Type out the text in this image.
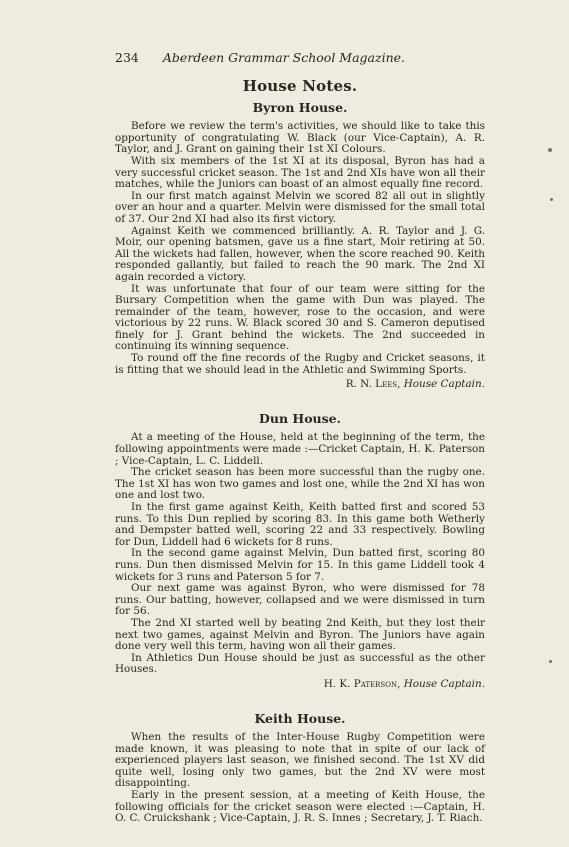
234 Aberdeen Grammar School Magazine.
House Notes.
Byron House.

Before we review the term's activities, we should like to take this opportunity of congratulating W. Black (our Vice-Captain), A. R. Taylor, and J. Grant on gaining their 1st XI Colours.

With six members of the 1st XI at its disposal, Byron has had a very successful cricket season. The 1st and 2nd XIs have won all their matches, while the Juniors can boast of an almost equally fine record.

In our first match against Melvin we scored 82 all out in slightly over an hour and a quarter. Melvin were dismissed for the small total of 37. Our 2nd XI had also its first victory.

Against Keith we commenced brilliantly. A. R. Taylor and J. G. Moir, our opening batsmen, gave us a fine start, Moir retiring at 50. All the wickets had fallen, however, when the score reached 90. Keith responded gallantly, but failed to reach the 90 mark. The 2nd XI again recorded a victory.

It was unfortunate that four of our team were sitting for the Bursary Competition when the game with Dun was played. The remainder of the team, however, rose to the occasion, and were victorious by 22 runs. W. Black scored 30 and S. Cameron deputised finely for J. Grant behind the wickets. The 2nd succeeded in continuing its winning sequence.

To round off the fine records of the Rugby and Cricket seasons, it is fitting that we should lead in the Athletic and Swimming Sports.

R. N. Lees, House Captain.

Dun House.

At a meeting of the House, held at the beginning of the term, the following appointments were made :—Cricket Captain, H. K. Paterson ; Vice-Captain, L. C. Liddell.

The cricket season has been more successful than the rugby one. The 1st XI has won two games and lost one, while the 2nd XI has won one and lost two.

In the first game against Keith, Keith batted first and scored 53 runs. To this Dun replied by scoring 83. In this game both Wetherly and Dempster batted well, scoring 22 and 33 respectively. Bowling for Dun, Liddell had 6 wickets for 8 runs.

In the second game against Melvin, Dun batted first, scoring 80 runs. Dun then dismissed Melvin for 15. In this game Liddell took 4 wickets for 3 runs and Paterson 5 for 7.

Our next game was against Byron, who were dismissed for 78 runs. Our batting, however, collapsed and we were dismissed in turn for 56.

The 2nd XI started well by beating 2nd Keith, but they lost their next two games, against Melvin and Byron. The Juniors have again done very well this term, having won all their games.

In Athletics Dun House should be just as successful as the other Houses.

H. K. Paterson, House Captain.

Keith House.

When the results of the Inter-House Rugby Competition were made known, it was pleasing to note that in spite of our lack of experienced players last season, we finished second. The 1st XV did quite well, losing only two games, but the 2nd XV were most disappointing.

Early in the present session, at a meeting of Keith House, the following officials for the cricket season were elected :—Captain, H. O. C. Cruickshank ; Vice-Captain, J. R. S. Innes ; Secretary, J. T. Riach.
